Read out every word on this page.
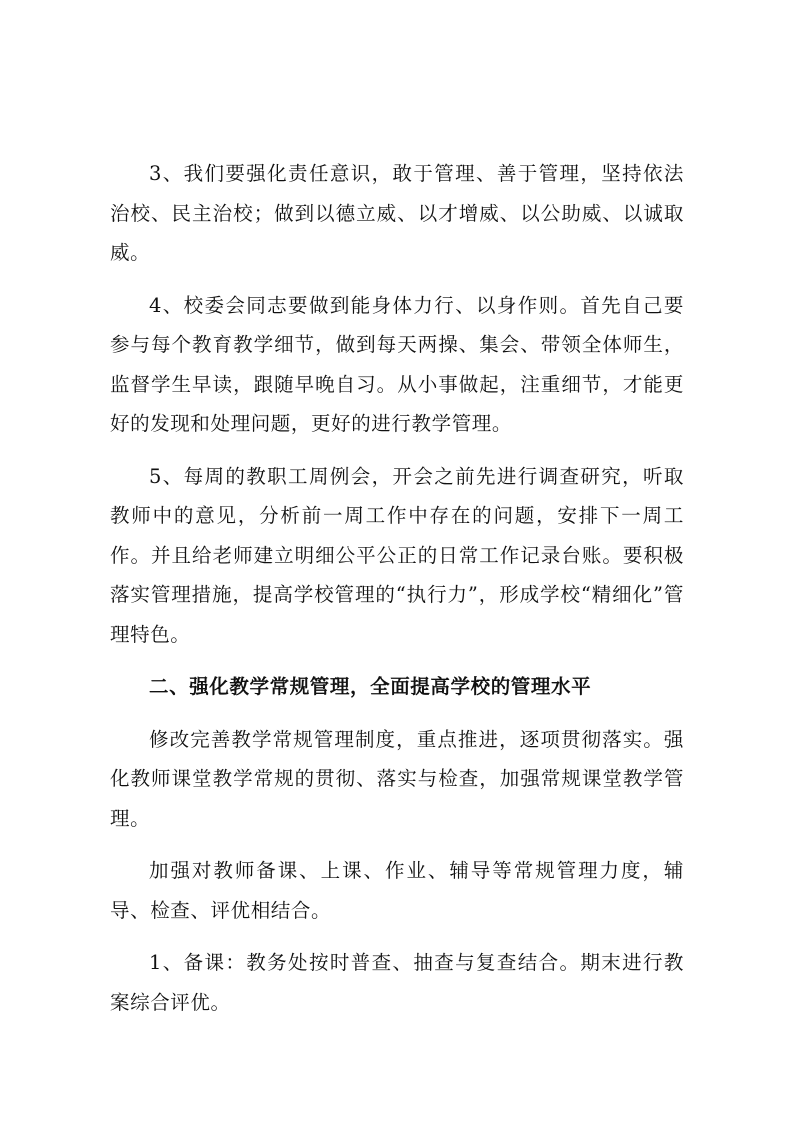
3、我们要强化责任意识，敢于管理、善于管理，坚持依法治校、民主治校；做到以德立威、以才增威、以公助威、以诚取威。

4、校委会同志要做到能身体力行、以身作则。首先自己要参与每个教育教学细节，做到每天两操、集会、带领全体师生，监督学生早读，跟随早晚自习。从小事做起，注重细节，才能更好的发现和处理问题，更好的进行教学管理。

5、每周的教职工周例会，开会之前先进行调查研究，听取教师中的意见，分析前一周工作中存在的问题，安排下一周工作。并且给老师建立明细公平公正的日常工作记录台账。要积极落实管理措施，提高学校管理的“执行力”，形成学校“精细化”管理特色。

二、强化教学常规管理，全面提高学校的管理水平

修改完善教学常规管理制度，重点推进，逐项贯彻落实。强化教师课堂教学常规的贯彻、落实与检查，加强常规课堂教学管理。

加强对教师备课、上课、作业、辅导等常规管理力度，辅导、检查、评优相结合。

1、备课：教务处按时普查、抽查与复查结合。期末进行教案综合评优。
